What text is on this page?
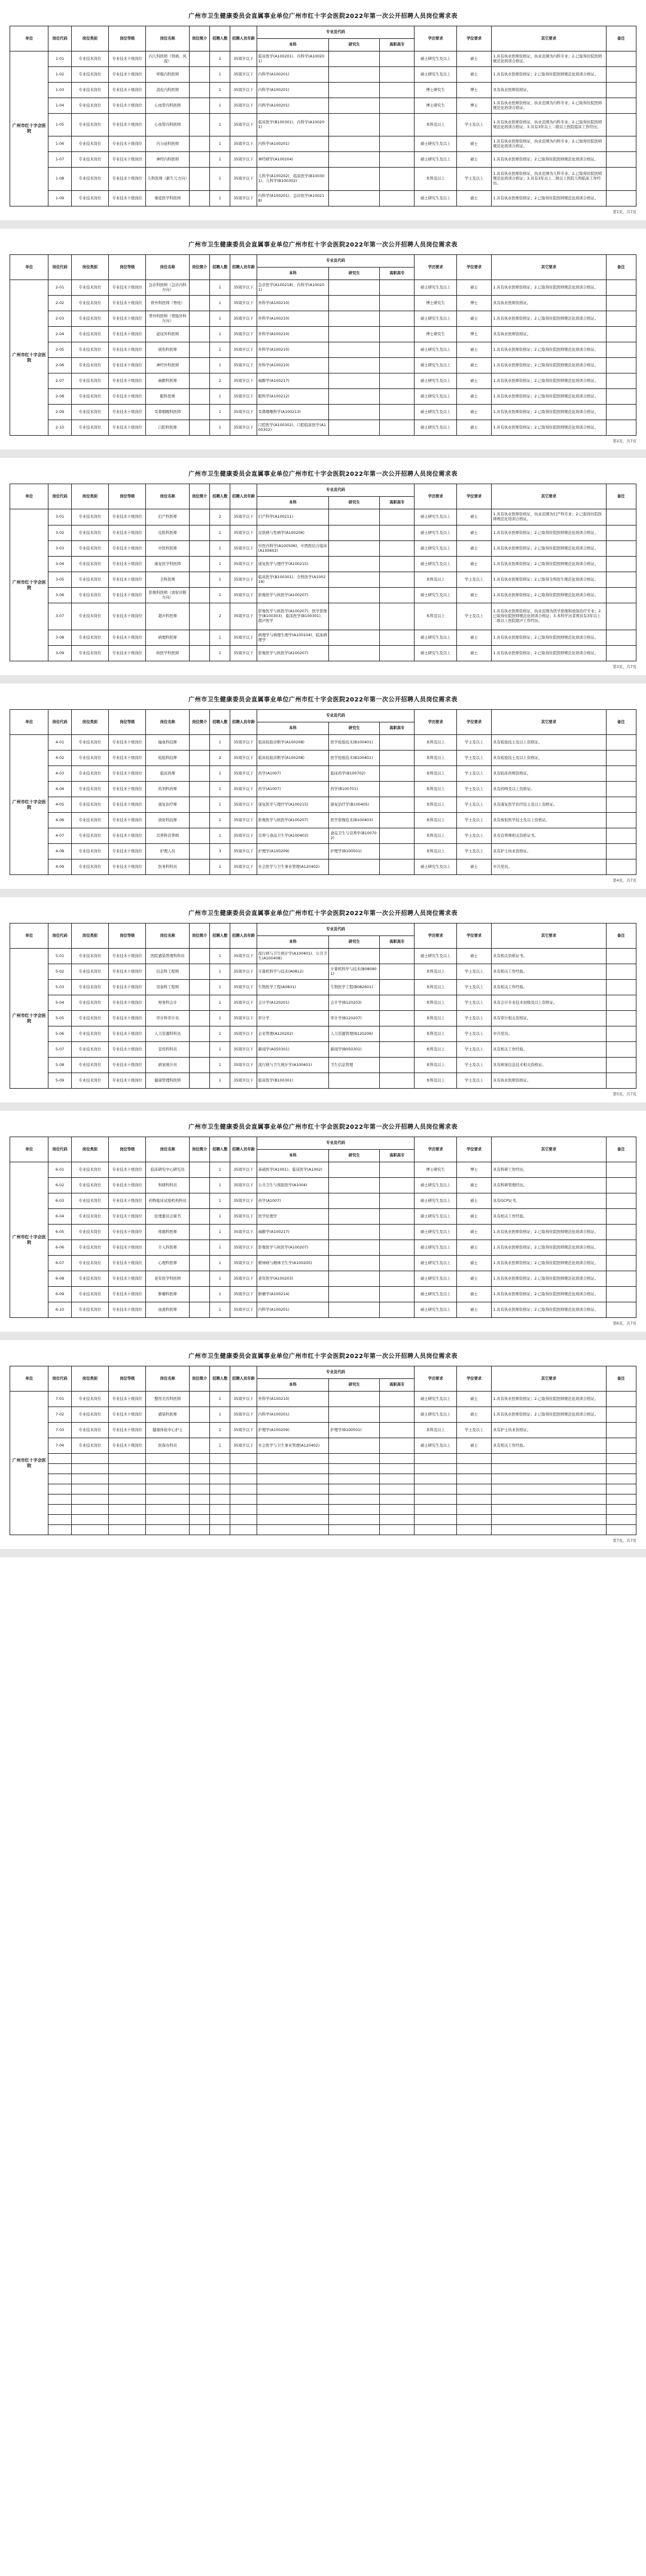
广州市卫生健康委员会直属事业单位广州市红十字会医院2022年第一次公开招聘人员岗位需求表
单位	岗位代码	岗位类别	岗位等级	岗位名称	岗位简介	招聘人数	招聘人员年龄	专业及代码			学历要求	学位要求	其它要求	备注
								本科	研究生	高职高专				
广州市红十字会医院	1-01	专业技术岗位	专业技术十级岗位	内儿科医师（肾病、风湿）		1	35周岁以下	临床医学(A100201)、内科学(A100201)			硕士研究生及以上	硕士	1.具有执业医师资格证，执业范围为内科专业；2.已取得住院医师规范化培训合格证。	
	1-02	专业技术岗位	专业技术十级岗位	呼吸内科医师		1	35周岁以下	内科学(A100201)			硕士研究生及以上	硕士	1.具有执业医师资格证；2.已取得住院医师规范化培训合格证。	
	1-03	专业技术岗位	专业技术十级岗位	消化内科医师		1	35周岁以下	内科学(A100201)			博士研究生	博士	具有执业医师资格证。	
	1-04	专业技术岗位	专业技术十级岗位	心血管内科医师		1	35周岁以下	内科学(A100201)			博士研究生	博士	1.具有执业医师资格证，执业范围为内科专业；2.已取得住院医师规范化培训合格证。	
	1-05	专业技术岗位	专业技术十级岗位	心血管内科医师		1	35周岁以下	临床医学(B100301)、内科学(A100201)			本科及以上	学士及以上	1.具有执业医师资格证，执业范围为内科专业；2.已取得住院医师规范化培训合格证；3.具有3年以上二级以上医院临床工作经历。	
	1-06	专业技术岗位	专业技术十级岗位	内分泌科医师		1	35周岁以下	内科学(A100201)			硕士研究生及以上	硕士	1.具有执业医师资格证，执业范围为内科专业；2.已取得住院医师规范化培训合格证。	
	1-07	专业技术岗位	专业技术十级岗位	神经内科医师		1	35周岁以下	神经病学(A100204)			硕士研究生及以上	硕士	1.具有执业医师资格证；2.已取得住院医师规范化培训合格证。	
	1-08	专业技术岗位	专业技术十级岗位	儿科医师（新生儿方向）		1	35周岁以下	儿科学(A100202)、临床医学(B100301)、儿科学(B100302)			本科及以上	学士及以上	1.具有执业医师资格证，执业范围为儿科专业；2.已取得住院医师规范化培训合格证；3.具有3年以上二级以上医院儿科临床工作经历。	
	1-09	专业技术岗位	专业技术十级岗位	重症医学科医师		1	35周岁以下	内科学(A100201)、急诊医学(A100218)			硕士研究生及以上	硕士	1.具有执业医师资格证；2.已取得住院医师规范化培训合格证。	
第1页，共7页
广州市卫生健康委员会直属事业单位广州市红十字会医院2022年第一次公开招聘人员岗位需求表
单位	岗位代码	岗位类别	岗位等级	岗位名称	岗位简介	招聘人数	招聘人员年龄	专业及代码			学历要求	学位要求	其它要求	备注
								本科	研究生	高职高专				
广州市红十字会医院	2-01	专业技术岗位	专业技术十级岗位	急诊科医师（急诊内科方向）		1	35周岁以下	急诊医学(A100218)、内科学(A100201)			硕士研究生及以上	硕士	1.具有执业医师资格证；2.已取得住院医师规范化培训合格证。	
	2-02	专业技术岗位	专业技术十级岗位	骨外科医师（脊柱）		1	35周岁以下	外科学(A100210)			博士研究生	博士	具有执业医师资格证。	
	2-03	专业技术岗位	专业技术十级岗位	普外科医师（胃肠外科方向）		1	35周岁以下	外科学(A100210)			硕士研究生及以上	硕士	1.具有执业医师资格证；2.已取得住院医师规范化培训合格证。	
	2-04	专业技术岗位	专业技术十级岗位	泌尿外科医师		1	35周岁以下	外科学(A100210)			博士研究生	博士	具有执业医师资格证。	
	2-05	专业技术岗位	专业技术十级岗位	烧伤科医师		1	35周岁以下	外科学(A100210)			硕士研究生及以上	硕士	1.具有执业医师资格证；2.已取得住院医师规范化培训合格证。	
	2-06	专业技术岗位	专业技术十级岗位	神经外科医师		1	35周岁以下	外科学(A100210)			硕士研究生及以上	硕士	1.具有执业医师资格证；2.已取得住院医师规范化培训合格证。	
	2-07	专业技术岗位	专业技术十级岗位	麻醉科医师		2	35周岁以下	麻醉学(A100217)			硕士研究生及以上	硕士	1.具有执业医师资格证；2.已取得住院医师规范化培训合格证。	
	2-08	专业技术岗位	专业技术十级岗位	眼科医师		1	35周岁以下	眼科学(A100212)			硕士研究生及以上	硕士	1.具有执业医师资格证；2.已取得住院医师规范化培训合格证。	
	2-09	专业技术岗位	专业技术十级岗位	耳鼻咽喉科医师		1	35周岁以下	耳鼻咽喉科学(A100213)			硕士研究生及以上	硕士	1.具有执业医师资格证；2.已取得住院医师规范化培训合格证。	
	2-10	专业技术岗位	专业技术十级岗位	口腔科医师		1	35周岁以下	口腔医学(A100302)、口腔临床医学(A100302)			硕士研究生及以上	硕士	1.具有执业医师资格证；2.已取得住院医师规范化培训合格证。	
第2页，共7页
广州市卫生健康委员会直属事业单位广州市红十字会医院2022年第一次公开招聘人员岗位需求表
单位	岗位代码	岗位类别	岗位等级	岗位名称	岗位简介	招聘人数	招聘人员年龄	专业及代码			学历要求	学位要求	其它要求	备注
								本科	研究生	高职高专				
广州市红十字会医院	3-01	专业技术岗位	专业技术十级岗位	妇产科医师		2	35周岁以下	妇产科学(A100211)			硕士研究生及以上	硕士	1.具有执业医师资格证，执业范围为妇产科专业；2.已取得住院医师规范化培训合格证。	
	3-02	专业技术岗位	专业技术十级岗位	皮肤科医师		1	35周岁以下	皮肤病与性病学(A100206)			硕士研究生及以上	硕士	1.具有执业医师资格证；2.已取得住院医师规范化培训合格证。	
	3-03	专业技术岗位	专业技术十级岗位	中医科医师		1	35周岁以下	中医内科学(A100506)、中西医结合临床(A100602)			硕士研究生及以上	硕士	1.具有执业医师资格证；2.已取得住院医师规范化培训合格证。	
	3-04	专业技术岗位	专业技术十级岗位	康复医学科医师		1	35周岁以下	康复医学与理疗学(A100215)			硕士研究生及以上	硕士	1.具有执业医师资格证；2.已取得住院医师规范化培训合格证。	
	3-05	专业技术岗位	专业技术十级岗位	全科医师		1	35周岁以下	临床医学(B100301)、全科医学(A100219)			本科及以上	学士及以上	1.具有执业医师资格证；2.已取得全科医生规范化培训合格证。	
	3-06	专业技术岗位	专业技术十级岗位	影像科医师（放射诊断方向）		1	35周岁以下	影像医学与核医学(A100207)			硕士研究生及以上	硕士	1.具有执业医师资格证；2.已取得住院医师规范化培训合格证。	
	3-07	专业技术岗位	专业技术十级岗位	超声科医师		2	35周岁以下	影像医学与核医学(A100207)、医学影像学(B100303)、临床医学(B100301)、超声医学			本科及以上	学士及以上	1.具有执业医师资格证，执业范围为医学影像和放射治疗专业；2.已取得住院医师规范化培训合格证；3.本科学历者须具有3年以上二级以上医院超声工作经历。	
	3-08	专业技术岗位	专业技术十级岗位	病理科医师		1	35周岁以下	病理学与病理生理学(A100104)、临床病理学			硕士研究生及以上	硕士	1.具有执业医师资格证；2.已取得住院医师规范化培训合格证。	
	3-09	专业技术岗位	专业技术十级岗位	核医学科医师		1	35周岁以下	影像医学与核医学(A100207)			硕士研究生及以上	硕士	1.具有执业医师资格证；2.已取得住院医师规范化培训合格证。	
第3页，共7页
广州市卫生健康委员会直属事业单位广州市红十字会医院2022年第一次公开招聘人员岗位需求表
单位	岗位代码	岗位类别	岗位等级	岗位名称	岗位简介	招聘人数	招聘人员年龄	专业及代码			学历要求	学位要求	其它要求	备注
								本科	研究生	高职高专				
广州市红十字会医院	4-01	专业技术岗位	专业技术十级岗位	输血科技师		1	35周岁以下	临床检验诊断学(A100208)	医学检验技术(B100401)		本科及以上	学士及以上	具有检验技士及以上资格证。	
	4-02	专业技术岗位	专业技术十级岗位	检验科技师		2	35周岁以下	临床检验诊断学(A100208)	医学检验技术(B100401)		本科及以上	学士及以上	具有检验技士及以上资格证。	
	4-03	专业技术岗位	专业技术十级岗位	临床药师		1	35周岁以下	药学(A1007)	临床药学(B100702)		本科及以上	学士及以上	具有临床药师资格证。	
	4-04	专业技术岗位	专业技术十级岗位	药剂科药师		1	35周岁以下	药学(A1007)	药学(B100701)		本科及以上	学士及以上	具有药师及以上资格证。	
	4-05	专业技术岗位	专业技术十级岗位	康复治疗师		1	35周岁以下	康复医学与理疗学(A100215)	康复治疗学(B100405)		本科及以上	学士及以上	具有康复医学治疗技士及以上资格证。	
	4-06	专业技术岗位	专业技术十级岗位	放射科技师		1	35周岁以下	影像医学与核医学(A100207)	医学影像技术(B100403)		本科及以上	学士及以上	具有放射医学技士及以上资格证。	
	4-07	专业技术岗位	专业技术十级岗位	营养科营养师		1	35周岁以下	营养与食品卫生学(A100403)	食品卫生与营养学(B100702)		本科及以上	学士及以上	具有营养师相关资格证书。	
	4-08	专业技术岗位	专业技术十级岗位	护理人员		3	35周岁以下	护理学(A100209)	护理学(B100501)		本科及以上	学士及以上	具有护士执业资格证。	
	4-09	专业技术岗位	专业技术十级岗位	医务科科员		1	35周岁以下	社会医学与卫生事业管理(A120402)			硕士研究生及以上	硕士	中共党员。	
第4页，共7页
广州市卫生健康委员会直属事业单位广州市红十字会医院2022年第一次公开招聘人员岗位需求表
单位	岗位代码	岗位类别	岗位等级	岗位名称	岗位简介	招聘人数	招聘人员年龄	专业及代码			学历要求	学位要求	其它要求	备注
								本科	研究生	高职高专				
广州市红十字会医院	5-01	专业技术岗位	专业技术十级岗位	医院感染管理科科员		1	35周岁以下	流行病与卫生统计学(A100401)、公共卫生(A100408)			硕士研究生及以上	硕士	具有相关资格证书。	
	5-02	专业技术岗位	专业技术十级岗位	信息科工程师		1	35周岁以下	计算机科学与技术(A0812)	计算机科学与技术(B080901)		本科及以上	学士及以上	具有相关工作经验。	
	5-03	专业技术岗位	专业技术十级岗位	设备科工程师		1	35周岁以下	生物医学工程(A0831)	生物医学工程(B082601)		本科及以上	学士及以上	具有相关工作经验。	
	5-04	专业技术岗位	专业技术十级岗位	财务科会计		1	35周岁以下	会计学(A120201)	会计学(B120203)		本科及以上	学士及以上	具有会计专业技术初级及以上资格证。	
	5-05	专业技术岗位	专业技术十级岗位	审计科审计员		1	35周岁以下	审计学	审计学(B120207)		本科及以上	学士及以上	具有审计相关资格证。	
	5-06	专业技术岗位	专业技术十级岗位	人力资源科科员		1	35周岁以下	企业管理(A120202)	人力资源管理(B120206)		本科及以上	学士及以上	中共党员。	
	5-07	专业技术岗位	专业技术十级岗位	宣传科科员		1	35周岁以下	新闻学(A050301)	新闻学(B050301)		本科及以上	学士及以上	具有相关工作经验。	
	5-08	专业技术岗位	专业技术十级岗位	病案统计员		1	35周岁以下	流行病与卫生统计学(A100401)	卫生信息管理		本科及以上	学士及以上	具有病案信息技术相关资格证。	
	5-09	专业技术岗位	专业技术十级岗位	健康管理科医师		1	35周岁以下	临床医学(B100301)			本科及以上	学士及以上	具有执业医师资格证。	
第5页，共7页
广州市卫生健康委员会直属事业单位广州市红十字会医院2022年第一次公开招聘人员岗位需求表
单位	岗位代码	岗位类别	岗位等级	岗位名称	岗位简介	招聘人数	招聘人员年龄	专业及代码			学历要求	学位要求	其它要求	备注
								本科	研究生	高职高专				
广州市红十字会医院	6-01	专业技术岗位	专业技术十级岗位	临床研究中心研究员		1	35周岁以下	基础医学(A1001)、临床医学(A1002)			博士研究生	博士	具有科研工作经历。	
	6-02	专业技术岗位	专业技术十级岗位	科研科科员		1	35周岁以下	公共卫生与预防医学(A1004)			硕士研究生及以上	硕士	具有科研管理经历。	
	6-03	专业技术岗位	专业技术十级岗位	药物临床试验机构科员		1	35周岁以下	药学(A1007)			硕士研究生及以上	硕士	具有GCP证书。	
	6-04	专业技术岗位	专业技术十级岗位	伦理委员会秘书		1	35周岁以下	医学伦理学			硕士研究生及以上	硕士	具有相关工作经验。	
	6-05	专业技术岗位	专业技术十级岗位	疼痛科医师		1	35周岁以下	麻醉学(A100217)			硕士研究生及以上	硕士	1.具有执业医师资格证；2.已取得住院医师规范化培训合格证。	
	6-06	专业技术岗位	专业技术十级岗位	介入科医师		1	35周岁以下	影像医学与核医学(A100207)			硕士研究生及以上	硕士	1.具有执业医师资格证；2.已取得住院医师规范化培训合格证。	
	6-07	专业技术岗位	专业技术十级岗位	心理科医师		1	35周岁以下	精神病与精神卫生学(A100205)			硕士研究生及以上	硕士	1.具有执业医师资格证；2.已取得住院医师规范化培训合格证。	
	6-08	专业技术岗位	专业技术十级岗位	老年医学科医师		1	35周岁以下	老年医学(A100203)			硕士研究生及以上	硕士	1.具有执业医师资格证；2.已取得住院医师规范化培训合格证。	
	6-09	专业技术岗位	专业技术十级岗位	肿瘤科医师		1	35周岁以下	肿瘤学(A100214)			硕士研究生及以上	硕士	1.具有执业医师资格证；2.已取得住院医师规范化培训合格证。	
	6-10	专业技术岗位	专业技术十级岗位	血液科医师		1	35周岁以下	内科学(A100201)			硕士研究生及以上	硕士	1.具有执业医师资格证；2.已取得住院医师规范化培训合格证。	
第6页，共7页
广州市卫生健康委员会直属事业单位广州市红十字会医院2022年第一次公开招聘人员岗位需求表
单位	岗位代码	岗位类别	岗位等级	岗位名称	岗位简介	招聘人数	招聘人员年龄	专业及代码			学历要求	学位要求	其它要求	备注
								本科	研究生	高职高专				
广州市红十字会医院	7-01	专业技术岗位	专业技术十级岗位	整形美容科医师		1	35周岁以下	外科学(A100210)			硕士研究生及以上	硕士	1.具有执业医师资格证；2.已取得住院医师规范化培训合格证。	
	7-02	专业技术岗位	专业技术十级岗位	感染科医师		1	35周岁以下	内科学(A100201)			硕士研究生及以上	硕士	1.具有执业医师资格证；2.已取得住院医师规范化培训合格证。	
	7-03	专业技术岗位	专业技术十级岗位	健康体检中心护士		1	35周岁以下	护理学(A100209)	护理学(B100501)		本科及以上	学士及以上	具有护士执业资格证。	
	7-04	专业技术岗位	专业技术十级岗位	医保办科员		1	35周岁以下	社会医学与卫生事业管理(A120402)			硕士研究生及以上	硕士	具有相关工作经验。	

第7页，共7页
